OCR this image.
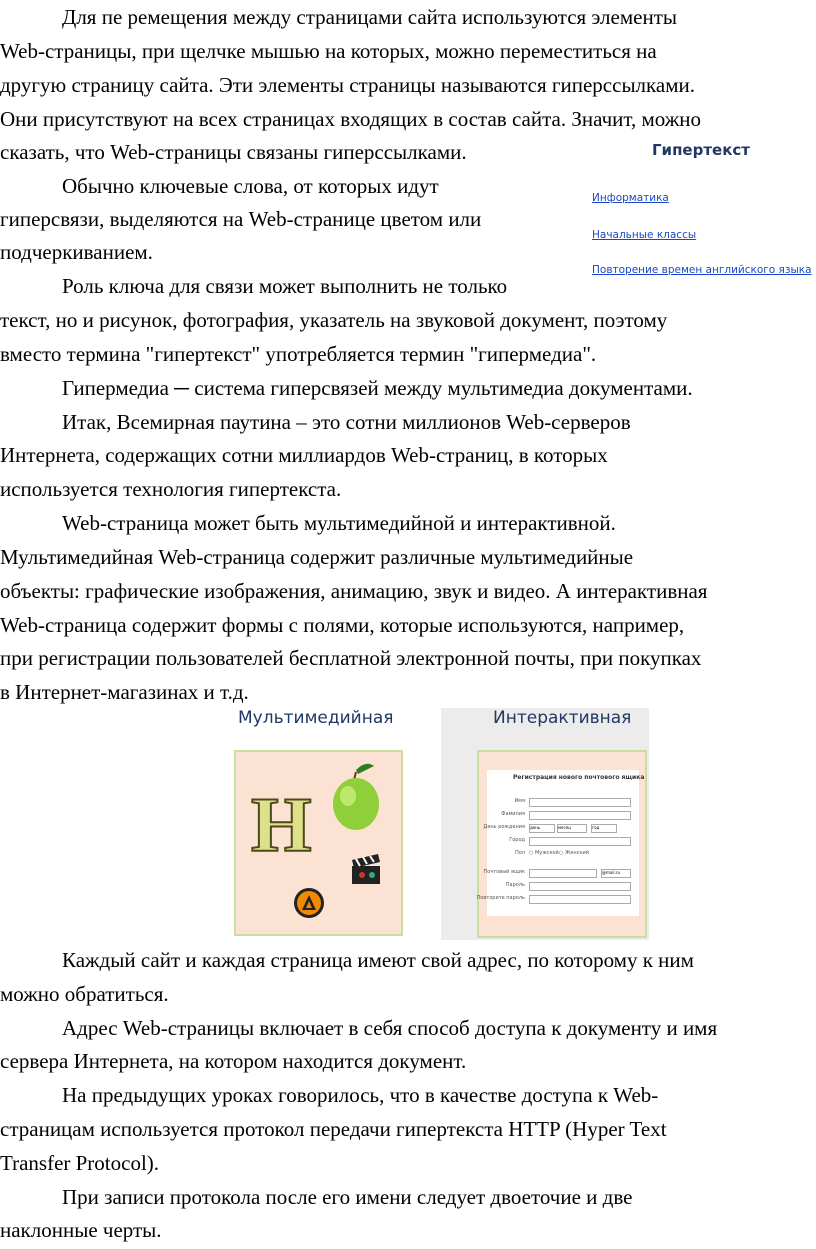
Для пе ремещения между страницами сайта используются элементы
Web-страницы, при щелчке мышью на которых, можно переместиться на
другую страницу сайта. Эти элементы страницы называются гиперссылками.
Они присутствуют на всех страницах входящих в состав сайта. Значит, можно
сказать, что Web-страницы связаны гиперссылками.
Обычно ключевые слова, от которых идут
гиперсвязи, выделяются на Web-странице цветом или
подчеркиванием.
Роль ключа для связи может выполнить не только
текст, но и рисунок, фотография, указатель на звуковой документ, поэтому
вместо термина "гипертекст" употребляется термин "гипермедиа".
Гипермедиа ─ система гиперсвязей между мультимедиа документами.
Итак, Всемирная паутина – это сотни миллионов Web-серверов
Интернета, содержащих сотни миллиардов Web-страниц, в которых
используется технология гипертекста.
Web-страница может быть мультимедийной и интерактивной.
Мультимедийная Web-страница содержит различные мультимедийные
объекты: графические изображения, анимацию, звук и видео. А интерактивная
Web-страница содержит формы с полями, которые используются, например,
при регистрации пользователей бесплатной электронной почты, при покупках
в Интернет-магазинах и т.д.
Каждый сайт и каждая страница имеют свой адрес, по которому к ним
можно обратиться.
Адрес Web-страницы включает в себя способ доступа к документу и имя
сервера Интернета, на котором находится документ.
На предыдущих уроках говорилось, что в качестве доступа к Web-
страницам используется протокол передачи гипертекста HTTP (Hyper Text
Transfer Protocol).
При записи протокола после его имени следует двоеточие и две
наклонные черты.
Гипертекст
Информатика
Начальные классы
Повторение времен английского языка
Мультимедийная
H
Интерактивная
Регистрация нового почтового ящика
Имя
Фамилия
День рождения день	месяц	год
Город
Пол ○ Мужской ○ Женский
Почтовый ящик	@mail.ru
Пароль
Повторите пароль
